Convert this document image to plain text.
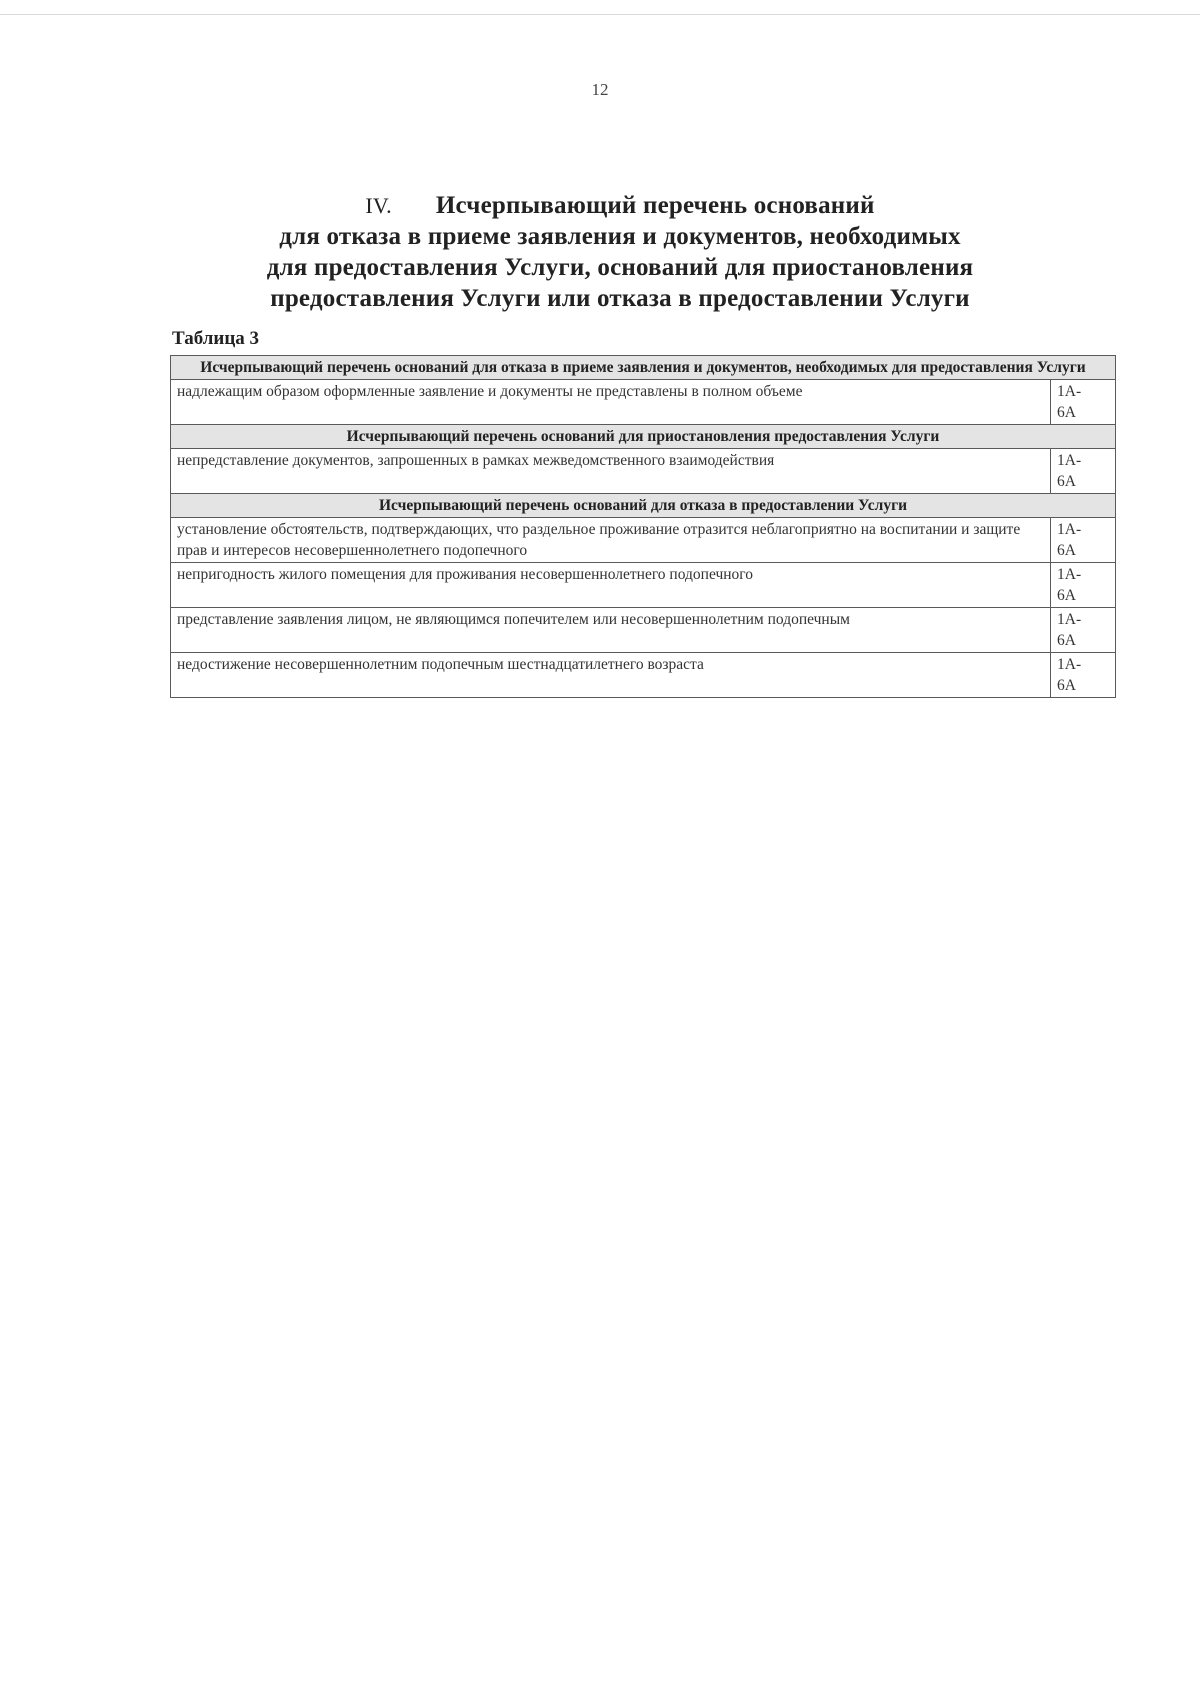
12
IV. Исчерпывающий перечень оснований
для отказа в приеме заявления и документов, необходимых
для предоставления Услуги, оснований для приостановления
предоставления Услуги или отказа в предоставлении Услуги
Таблица 3
Исчерпывающий перечень оснований для отказа в приеме заявления и документов, необходимых для предоставления Услуги	
надлежащим образом оформленные заявление и документы не представлены в полном объеме	1А-
6А

Исчерпывающий перечень оснований для приостановления предоставления Услуги	
непредставление документов, запрошенных в рамках межведомственного взаимодействия	1А-
6А

Исчерпывающий перечень оснований для отказа в предоставлении Услуги	
установление обстоятельств, подтверждающих, что раздельное проживание отразится неблагоприятно на воспитании и защите прав и интересов несовершеннолетнего подопечного	1А-
6А

непригодность жилого помещения для проживания несовершеннолетнего подопечного	1А-
6А

представление заявления лицом, не являющимся попечителем или несовершеннолетним подопечным	1А-
6А

недостижение несовершеннолетним подопечным шестнадцатилетнего возраста	1А-
6А
